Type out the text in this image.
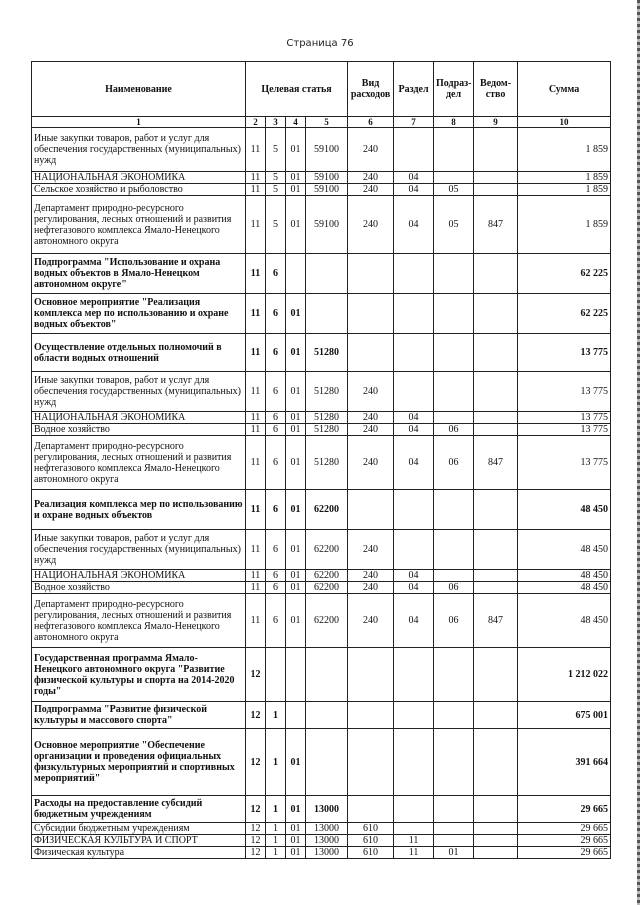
Страница 76
Наименование	Целевая статья				Вид расходов	Раздел	Подраз-дел	Ведом-ство	Сумма
1	2	3	4	5	6	7	8	9	10
Иные закупки товаров, работ и услуг для обеспечения государственных (муниципальных) нужд	11	5	01	59100	240				1 859
НАЦИОНАЛЬНАЯ ЭКОНОМИКА	11	5	01	59100	240	04			1 859
Сельское хозяйство и рыболовство	11	5	01	59100	240	04	05		1 859
Департамент природно-ресурсного регулирования, лесных отношений и развития нефтегазового комплекса Ямало-Ненецкого автономного округа	11	5	01	59100	240	04	05	847	1 859
Подпрограмма "Использование и охрана водных объектов в Ямало-Ненецком автономном округе"	11	6							62 225
Основное мероприятие "Реализация комплекса мер по использованию и охране водных объектов"	11	6	01						62 225
Осуществление отдельных полномочий в области водных отношений	11	6	01	51280					13 775
Иные закупки товаров, работ и услуг для обеспечения государственных (муниципальных) нужд	11	6	01	51280	240				13 775
НАЦИОНАЛЬНАЯ ЭКОНОМИКА	11	6	01	51280	240	04			13 775
Водное хозяйство	11	6	01	51280	240	04	06		13 775
Департамент природно-ресурсного регулирования, лесных отношений и развития нефтегазового комплекса Ямало-Ненецкого автономного округа	11	6	01	51280	240	04	06	847	13 775
Реализация комплекса мер по использованию и охране водных объектов	11	6	01	62200					48 450
Иные закупки товаров, работ и услуг для обеспечения государственных (муниципальных) нужд	11	6	01	62200	240				48 450
НАЦИОНАЛЬНАЯ ЭКОНОМИКА	11	6	01	62200	240	04			48 450
Водное хозяйство	11	6	01	62200	240	04	06		48 450
Департамент природно-ресурсного регулирования, лесных отношений и развития нефтегазового комплекса Ямало-Ненецкого автономного округа	11	6	01	62200	240	04	06	847	48 450
Государственная программа Ямало-Ненецкого автономного округа "Развитие физической культуры и спорта на 2014-2020 годы"	12								1 212 022
Подпрограмма "Развитие физической культуры и массового спорта"	12	1							675 001
Основное мероприятие "Обеспечение организации и проведения официальных физкультурных мероприятий и спортивных мероприятий"	12	1	01						391 664
Расходы на предоставление субсидий бюджетным учреждениям	12	1	01	13000					29 665
Субсидии бюджетным учреждениям	12	1	01	13000	610				29 665
ФИЗИЧЕСКАЯ КУЛЬТУРА И СПОРТ	12	1	01	13000	610	11			29 665
Физическая культура	12	1	01	13000	610	11	01		29 665
